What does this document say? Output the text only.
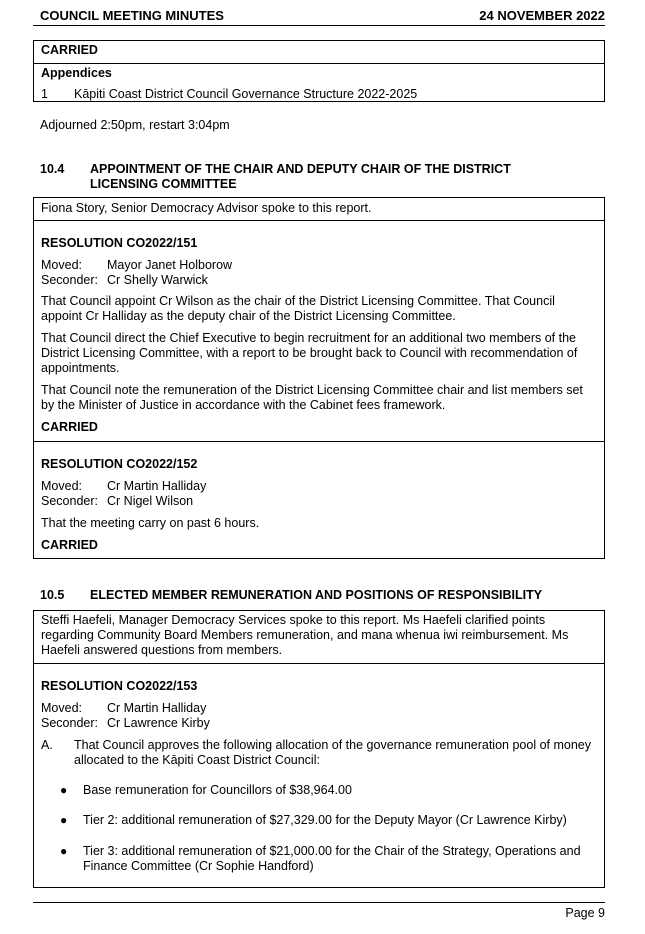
COUNCIL MEETING MINUTES	24 NOVEMBER 2022
CARRIED
Appendices
1 Kāpiti Coast District Council Governance Structure 2022-2025
Adjourned 2:50pm, restart 3:04pm
10.4 APPOINTMENT OF THE CHAIR AND DEPUTY CHAIR OF THE DISTRICT LICENSING COMMITTEE
Fiona Story, Senior Democracy Advisor spoke to this report.
RESOLUTION CO2022/151
Moved: Mayor Janet Holborow
Seconder: Cr Shelly Warwick
That Council appoint Cr Wilson as the chair of the District Licensing Committee. That Council appoint Cr Halliday as the deputy chair of the District Licensing Committee.
That Council direct the Chief Executive to begin recruitment for an additional two members of the District Licensing Committee, with a report to be brought back to Council with recommendation of appointments.
That Council note the remuneration of the District Licensing Committee chair and list members set by the Minister of Justice in accordance with the Cabinet fees framework.
CARRIED
RESOLUTION CO2022/152
Moved: Cr Martin Halliday
Seconder: Cr Nigel Wilson
That the meeting carry on past 6 hours.
CARRIED
10.5 ELECTED MEMBER REMUNERATION AND POSITIONS OF RESPONSIBILITY
Steffi Haefeli, Manager Democracy Services spoke to this report. Ms Haefeli clarified points regarding Community Board Members remuneration, and mana whenua iwi reimbursement. Ms Haefeli answered questions from members.
RESOLUTION CO2022/153
Moved: Cr Martin Halliday
Seconder: Cr Lawrence Kirby
A. That Council approves the following allocation of the governance remuneration pool of money allocated to the Kāpiti Coast District Council:
● Base remuneration for Councillors of $38,964.00
● Tier 2: additional remuneration of $27,329.00 for the Deputy Mayor (Cr Lawrence Kirby)
● Tier 3: additional remuneration of $21,000.00 for the Chair of the Strategy, Operations and Finance Committee (Cr Sophie Handford)
Page 9
